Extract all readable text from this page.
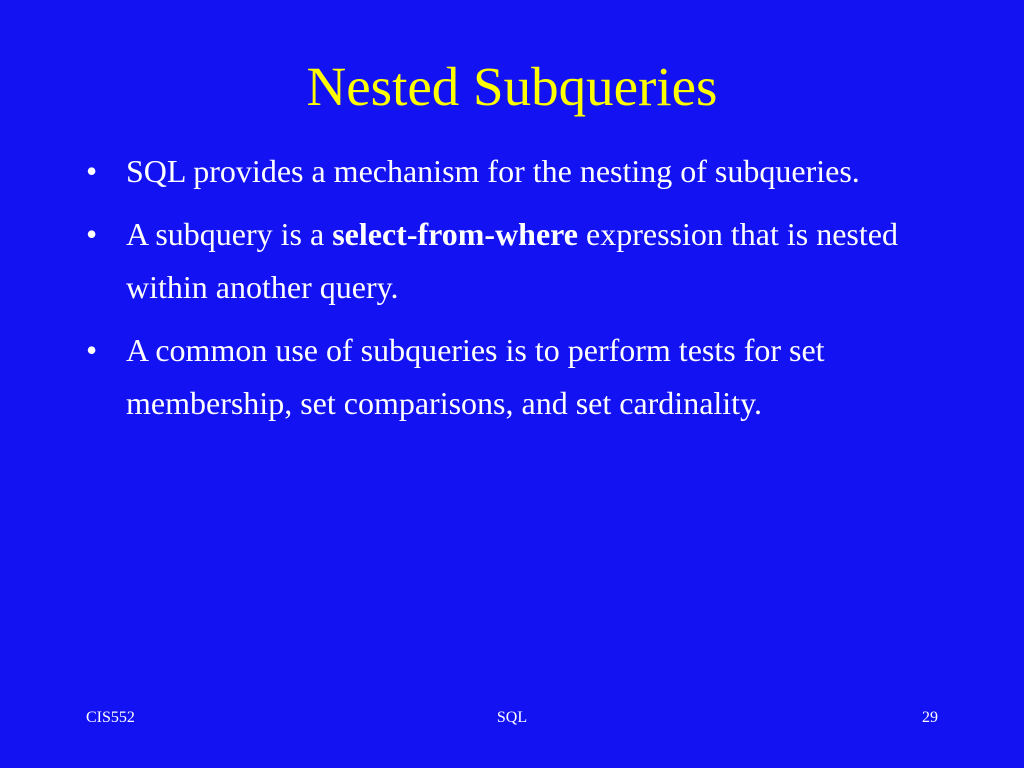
Nested Subqueries
• SQL provides a mechanism for the nesting of subqueries.
• A subquery is a select-from-where expression that is nested within another query.
• A common use of subqueries is to perform tests for set membership, set comparisons, and set cardinality.
CIS552	SQL	29
